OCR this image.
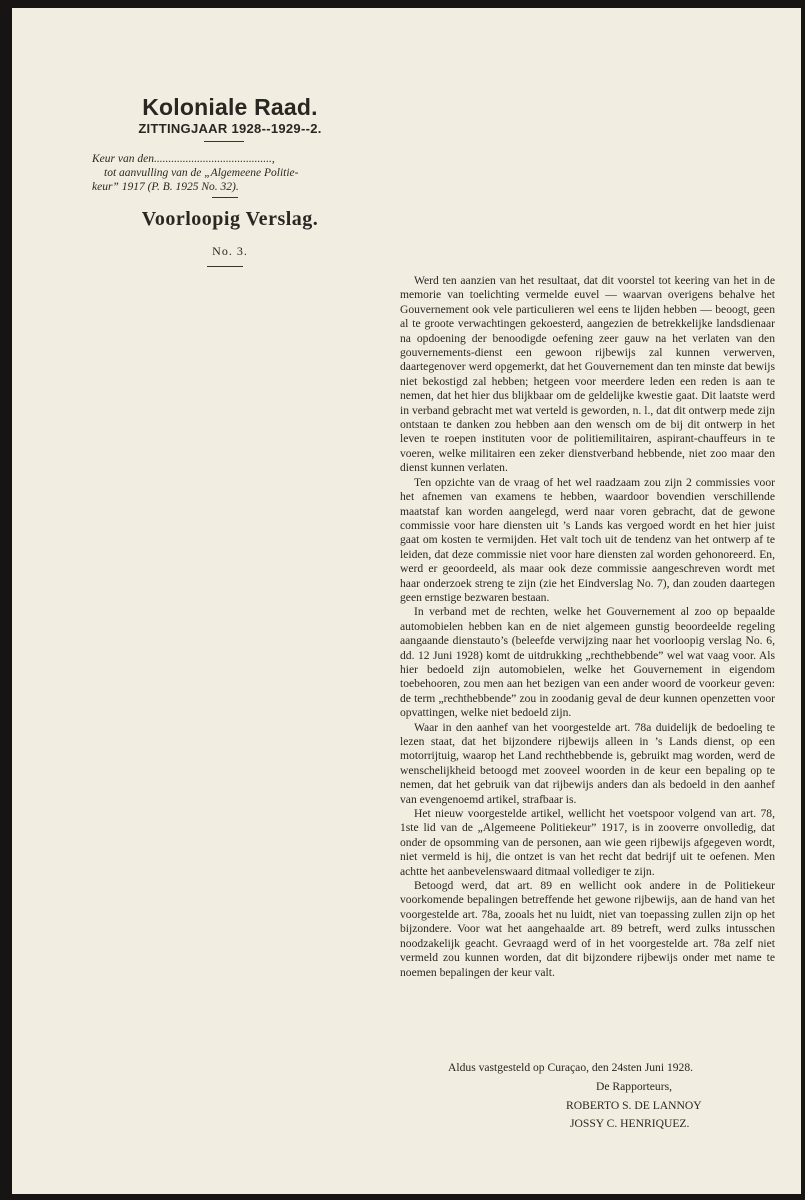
Koloniale Raad.
ZITTINGJAAR 1928--1929--2.
Keur van den.........................................,
tot aanvulling van de „Algemeene Politie-
keur” 1917 (P. B. 1925 No. 32).
Voorloopig Verslag.
No. 3.

Werd ten aanzien van het resultaat, dat dit voorstel tot keering van het in de memorie van toelichting vermelde euvel — waarvan overigens behalve het Gouvernement ook vele particulieren wel eens te lijden hebben — beoogt, geen al te groote verwachtingen gekoesterd, aangezien de betrekkelijke landsdienaar na opdoening der benoodigde oefening zeer gauw na het verlaten van den gouvernements-dienst een gewoon rijbewijs zal kunnen verwerven, daartegenover werd opgemerkt, dat het Gouvernement dan ten minste dat bewijs niet bekostigd zal hebben; hetgeen voor meerdere leden een reden is aan te nemen, dat het hier dus blijkbaar om de geldelijke kwestie gaat. Dit laatste werd in verband gebracht met wat verteld is geworden, n. l., dat dit ontwerp mede zijn ontstaan te danken zou hebben aan den wensch om de bij dit ontwerp in het leven te roepen instituten voor de politiemilitairen, aspirant-chauffeurs in te voeren, welke militairen een zeker dienstverband hebbende, niet zoo maar den dienst kunnen verlaten.

Ten opzichte van de vraag of het wel raadzaam zou zijn 2 commissies voor het afnemen van examens te hebben, waardoor bovendien verschillende maatstaf kan worden aangelegd, werd naar voren gebracht, dat de gewone commissie voor hare diensten uit ’s Lands kas vergoed wordt en het hier juist gaat om kosten te vermijden. Het valt toch uit de tendenz van het ontwerp af te leiden, dat deze commissie niet voor hare diensten zal worden gehonoreerd. En, werd er geoordeeld, als maar ook deze commissie aangeschreven wordt met haar onderzoek streng te zijn (zie het Eindverslag No. 7), dan zouden daartegen geen ernstige bezwaren bestaan.

In verband met de rechten, welke het Gouvernement al zoo op bepaalde automobielen hebben kan en de niet algemeen gunstig beoordeelde regeling aangaande dienstauto’s (beleefde verwijzing naar het voorloopig verslag No. 6, dd. 12 Juni 1928) komt de uitdrukking „rechthebbende” wel wat vaag voor. Als hier bedoeld zijn automobielen, welke het Gouvernement in eigendom toebehooren, zou men aan het bezigen van een ander woord de voorkeur geven: de term „rechthebbende” zou in zoodanig geval de deur kunnen openzetten voor opvattingen, welke niet bedoeld zijn.

Waar in den aanhef van het voorgestelde art. 78a duidelijk de bedoeling te lezen staat, dat het bijzondere rijbewijs alleen in ’s Lands dienst, op een motorrijtuig, waarop het Land rechthebbende is, gebruikt mag worden, werd de wenschelijkheid betoogd met zooveel woorden in de keur een bepaling op te nemen, dat het gebruik van dat rijbewijs anders dan als bedoeld in den aanhef van evengenoemd artikel, strafbaar is.

Het nieuw voorgestelde artikel, wellicht het voetspoor volgend van art. 78, 1ste lid van de „Algemeene Politiekeur” 1917, is in zooverre onvolledig, dat onder de opsomming van de personen, aan wie geen rijbewijs afgegeven wordt, niet vermeld is hij, die ontzet is van het recht dat bedrijf uit te oefenen. Men achtte het aanbevelenswaard ditmaal vollediger te zijn.

Betoogd werd, dat art. 89 en wellicht ook andere in de Politiekeur voorkomende bepalingen betreffende het gewone rijbewijs, aan de hand van het voorgestelde art. 78a, zooals het nu luidt, niet van toepassing zullen zijn op het bijzondere. Voor wat het aangehaalde art. 89 betreft, werd zulks intusschen noodzakelijk geacht. Gevraagd werd of in het voorgestelde art. 78a zelf niet vermeld zou kunnen worden, dat dit bijzondere rijbewijs onder met name te noemen bepalingen der keur valt.

Aldus vastgesteld op Curaçao, den 24sten Juni 1928.
De Rapporteurs,
ROBERTO S. DE LANNOY
JOSSY C. HENRIQUEZ.
